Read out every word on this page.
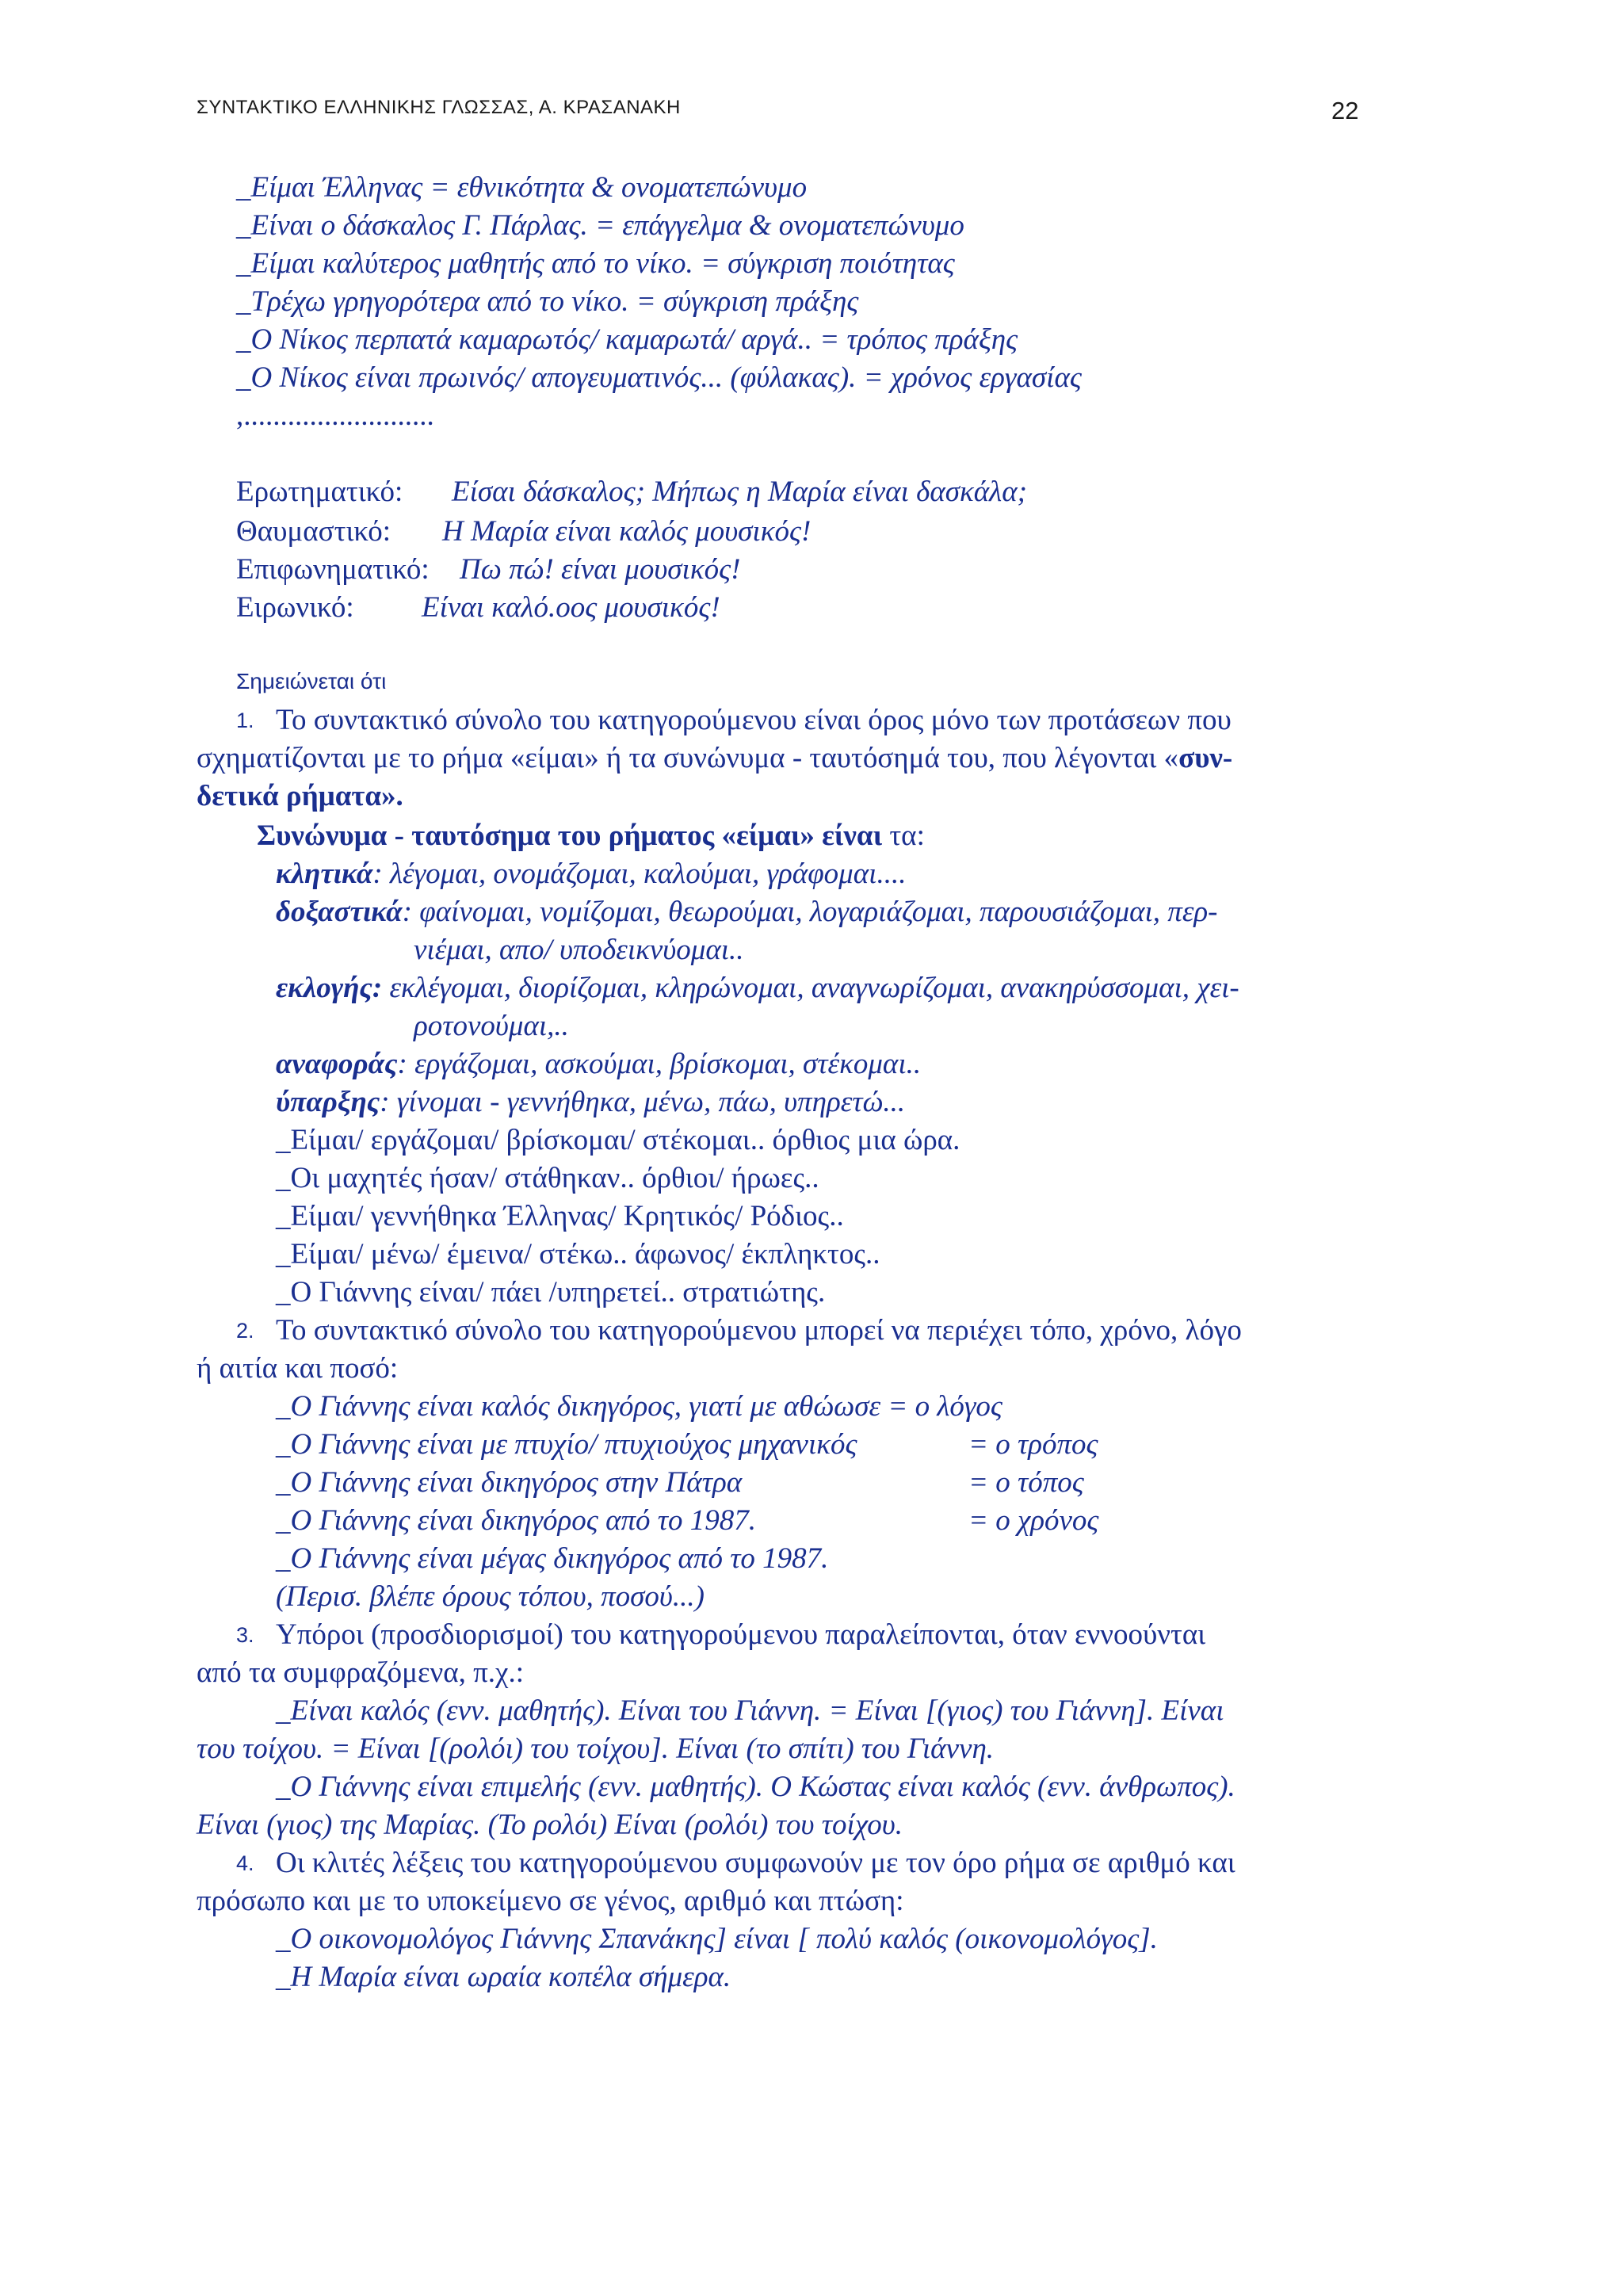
ΣΥΝΤΑΚΤΙΚΟ ΕΛΛΗΝΙΚΗΣ ΓΛΩΣΣΑΣ, Α. ΚΡΑΣΑΝΑΚΗ	22
_Είμαι Έλληνας = εθνικότητα & ονοματεπώνυμο
_Είναι ο δάσκαλος Γ. Πάρλας. = επάγγελμα & ονοματεπώνυμο
_Είμαι καλύτερος μαθητής από το νίκο. = σύγκριση ποιότητας
_Τρέχω γρηγορότερα από το νίκο. = σύγκριση πράξης
_Ο Νίκος περπατά καμαρωτός/ καμαρωτά/ αργά.. = τρόπος πράξης
_Ο Νίκος είναι πρωινός/ απογευματινός... (φύλακας). = χρόνος εργασίας
,..........................
Ερωτηματικό: Είσαι δάσκαλος; Μήπως η Μαρία είναι δασκάλα;
Θαυμαστικό: Η Μαρία είναι καλός μουσικός!
Επιφωνηματικό: Πω πώ! είναι μουσικός!
Ειρωνικό: Είναι καλό.οος μουσικός!
Σημειώνεται ότι
1. Το συντακτικό σύνολο του κατηγορούμενου είναι όρος μόνο των προτάσεων που
σχηματίζονται με το ρήμα «είμαι» ή τα συνώνυμα - ταυτόσημά του, που λέγονται «συν-
δετικά ρήματα».
Συνώνυμα - ταυτόσημα του ρήματος «είμαι» είναι τα:
κλητικά: λέγομαι, ονομάζομαι, καλούμαι, γράφομαι....
δοξαστικά: φαίνομαι, νομίζομαι, θεωρούμαι, λογαριάζομαι, παρουσιάζομαι, περ-
νιέμαι, απο/ υποδεικνύομαι..
εκλογής: εκλέγομαι, διορίζομαι, κληρώνομαι, αναγνωρίζομαι, ανακηρύσσομαι, χει-
ροτονούμαι,..
αναφοράς: εργάζομαι, ασκούμαι, βρίσκομαι, στέκομαι..
ύπαρξης: γίνομαι - γεννήθηκα, μένω, πάω, υπηρετώ...
_Είμαι/ εργάζομαι/ βρίσκομαι/ στέκομαι.. όρθιος μια ώρα.
_Οι μαχητές ήσαν/ στάθηκαν.. όρθιοι/ ήρωες..
_Είμαι/ γεννήθηκα Έλληνας/ Κρητικός/ Ρόδιος..
_Είμαι/ μένω/ έμεινα/ στέκω.. άφωνος/ έκπληκτος..
_Ο Γιάννης είναι/ πάει /υπηρετεί.. στρατιώτης.
2. Το συντακτικό σύνολο του κατηγορούμενου μπορεί να περιέχει τόπο, χρόνο, λόγο
ή αιτία και ποσό:
_Ο Γιάννης είναι καλός δικηγόρος, γιατί με αθώωσε = ο λόγος
_Ο Γιάννης είναι με πτυχίο/ πτυχιούχος μηχανικός	= ο τρόπος
_Ο Γιάννης είναι δικηγόρος στην Πάτρα	= ο τόπος
_Ο Γιάννης είναι δικηγόρος από το 1987.	= ο χρόνος
_Ο Γιάννης είναι μέγας δικηγόρος από το 1987.
(Περισ. βλέπε όρους τόπου, ποσού...)
3. Υπόροι (προσδιορισμοί) του κατηγορούμενου παραλείπονται, όταν εννοούνται
από τα συμφραζόμενα, π.χ.:
_Είναι καλός (ενν. μαθητής). Είναι του Γιάννη. = Είναι [(γιος) του Γιάννη]. Είναι
του τοίχου. = Είναι [(ρολόι) του τοίχου]. Είναι (το σπίτι) του Γιάννη.
_Ο Γιάννης είναι επιμελής (ενν. μαθητής). Ο Κώστας είναι καλός (ενν. άνθρωπος).
Είναι (γιος) της Μαρίας. (Το ρολόι) Είναι (ρολόι) του τοίχου.
4. Οι κλιτές λέξεις του κατηγορούμενου συμφωνούν με τον όρο ρήμα σε αριθμό και
πρόσωπο και με το υποκείμενο σε γένος, αριθμό και πτώση:
_Ο οικονομολόγος Γιάννης Σπανάκης] είναι [ πολύ καλός (οικονομολόγος].
_Η Μαρία είναι ωραία κοπέλα σήμερα.
